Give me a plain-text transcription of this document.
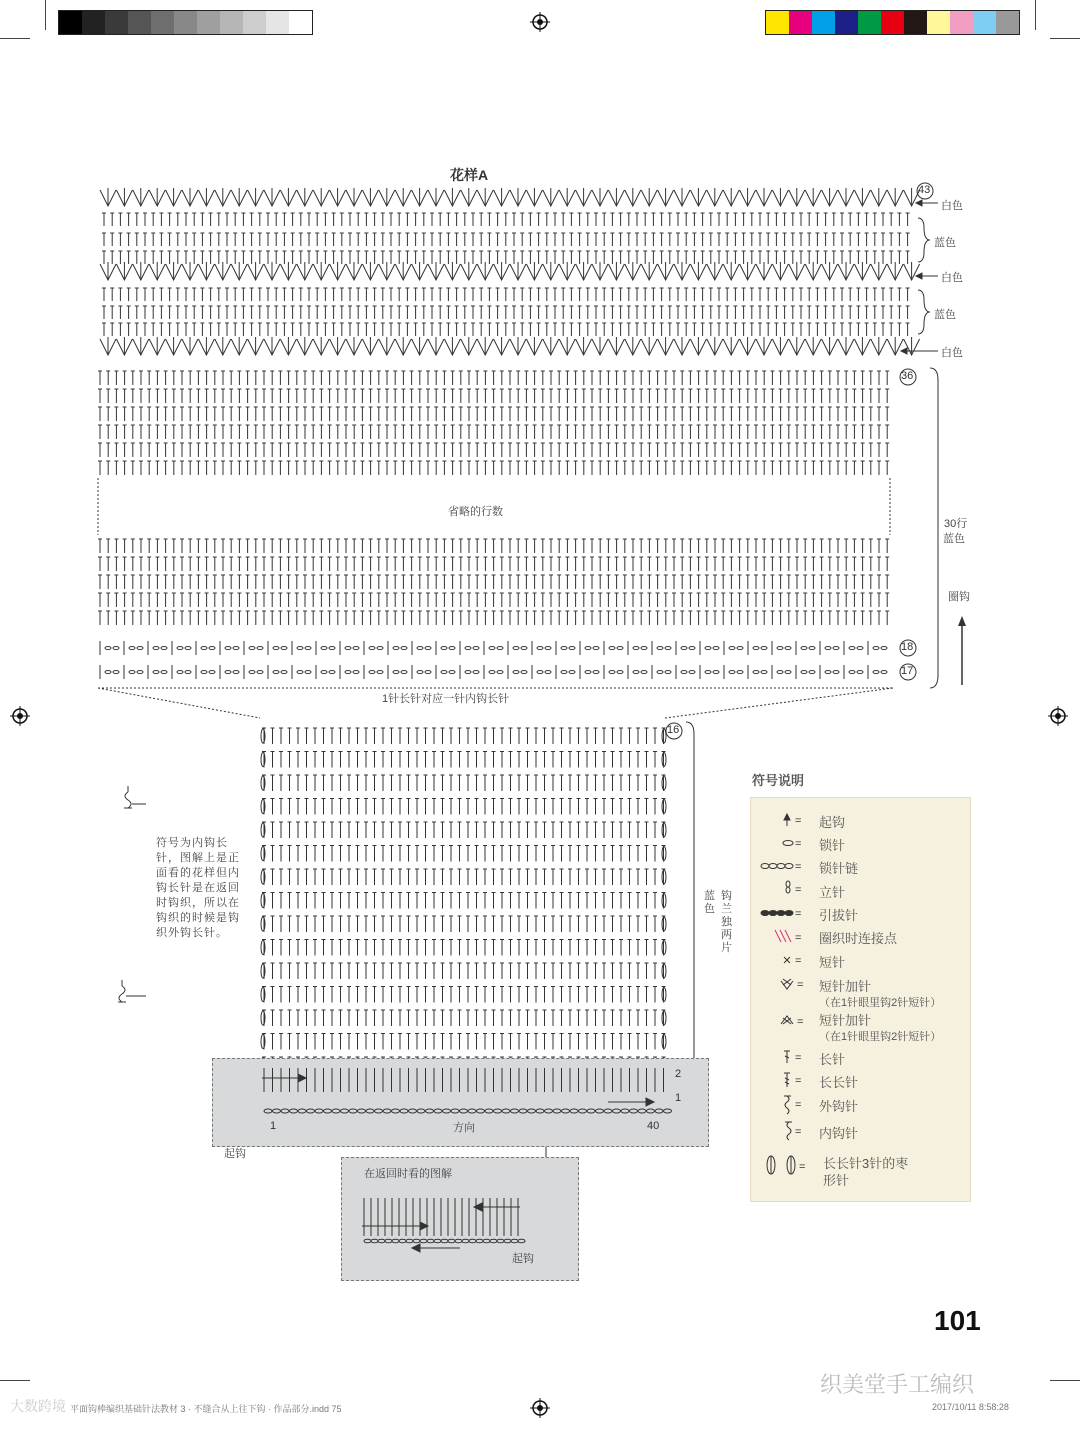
花样A
白色
蓝色
白色
蓝色
白色
43
36
18
17
16
2
1
1	40
省略的行数
30行
蓝色
圈钩
1针长针对应一针内钩长针
蓝色
钩兰独两片
起钩
方向
在返回时看的图解
起钩
符号为内钩长针，图解上是正面看的花样但内钩长针是在返回时钩织，所以在钩织的时候是钩织外钩长针。
符号说明
=
=
=
=
=
=
=
=
=
=
=
=
=
=
起钩
锁针
锁针链
立针
引拔针
圈织时连接点
短针
短针加针
（在1针眼里钩2针短针）
短针加针
（在1针眼里钩2针短针）
长针
长长针
外钩针
内钩针
长长针3针的枣形针
101
织美堂手工编织
大数跨境 平面钩棒编织基础针法教材 3 · 不缝合从上往下钩 · 作品部分.indd 75	2017/10/11 8:58:28
